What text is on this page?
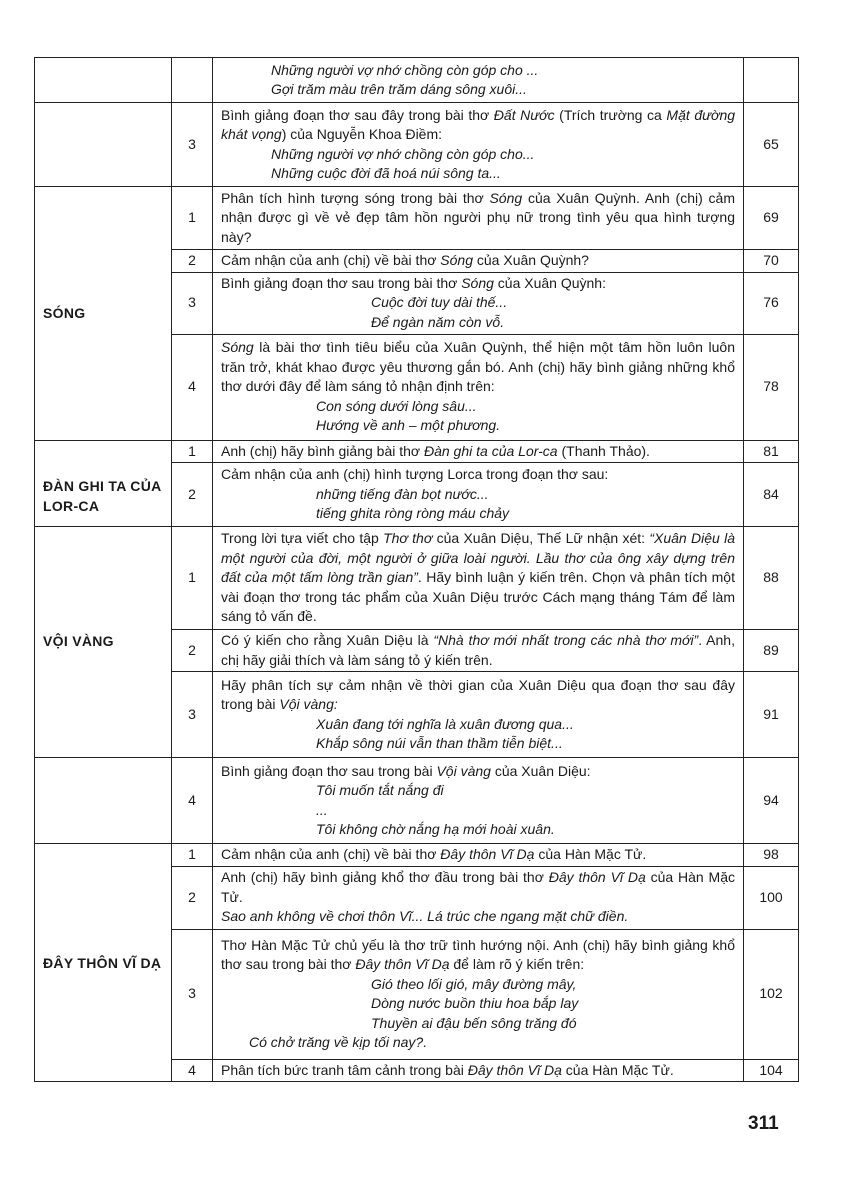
		Những người vợ nhớ chồng còn góp cho ...
Gợi trăm màu trên trăm dáng sông xuôi...	

	3	Bình giảng đoạn thơ sau đây trong bài thơ Đất Nước (Trích trường ca Mặt đường khát vọng) của Nguyễn Khoa Điềm:
Những người vợ nhớ chồng còn góp cho...
Những cuộc đời đã hoá núi sông ta...	65
SÓNG	1	Phân tích hình tượng sóng trong bài thơ Sóng của Xuân Quỳnh. Anh (chị) cảm nhận được gì về vẻ đẹp tâm hồn người phụ nữ trong tình yêu qua hình tượng này?	69
	2	Cảm nhận của anh (chị) về bài thơ Sóng của Xuân Quỳnh?	70
	3	Bình giảng đoạn thơ sau trong bài thơ Sóng của Xuân Quỳnh:
Cuộc đời tuy dài thế...
Để ngàn năm còn vỗ.	76
	4	Sóng là bài thơ tình tiêu biểu của Xuân Quỳnh, thể hiện một tâm hồn luôn luôn trăn trở, khát khao được yêu thương gắn bó. Anh (chị) hãy bình giảng những khổ thơ dưới đây để làm sáng tỏ nhận định trên:
Con sóng dưới lòng sâu...
Hướng về anh – một phương.	78
ĐÀN GHI TA CỦA LOR-CA	1	Anh (chị) hãy bình giảng bài thơ Đàn ghi ta của Lor-ca (Thanh Thảo).	81
	2	Cảm nhận của anh (chị) hình tượng Lorca trong đoạn thơ sau:
những tiếng đàn bọt nước...
tiếng ghita ròng ròng máu chảy	84
VỘI VÀNG	1	Trong lời tựa viết cho tập Thơ thơ của Xuân Diệu, Thế Lữ nhận xét: “Xuân Diệu là một người của đời, một người ở giữa loài người. Lầu thơ của ông xây dựng trên đất của một tấm lòng trần gian”. Hãy bình luận ý kiến trên. Chọn và phân tích một vài đoạn thơ trong tác phẩm của Xuân Diệu trước Cách mạng tháng Tám để làm sáng tỏ vấn đề.	88
	2	Có ý kiến cho rằng Xuân Diệu là “Nhà thơ mới nhất trong các nhà thơ mới”. Anh, chị hãy giải thích và làm sáng tỏ ý kiến trên.	89
	3	Hãy phân tích sự cảm nhận về thời gian của Xuân Diệu qua đoạn thơ sau đây trong bài Vội vàng:
Xuân đang tới nghĩa là xuân đương qua...
Khắp sông núi vẫn than thầm tiễn biệt...	91
	4	Bình giảng đoạn thơ sau trong bài Vội vàng của Xuân Diệu:
Tôi muốn tắt nắng đi
...
Tôi không chờ nắng hạ mới hoài xuân.	94
ĐÂY THÔN VĨ DẠ	1	Cảm nhận của anh (chị) về bài thơ Đây thôn Vĩ Dạ của Hàn Mặc Tử.	98
	2	Anh (chị) hãy bình giảng khổ thơ đầu trong bài thơ Đây thôn Vĩ Dạ của Hàn Mặc Tử.
Sao anh không về chơi thôn Vĩ... Lá trúc che ngang mặt chữ điền.	100
	3	Thơ Hàn Mặc Tử chủ yếu là thơ trữ tình hướng nội. Anh (chị) hãy bình giảng khổ thơ sau trong bài thơ Đây thôn Vĩ Dạ để làm rõ ý kiến trên:
Gió theo lối gió, mây đường mây,
Dòng nước buồn thiu hoa bắp lay
Thuyền ai đậu bến sông trăng đó
Có chở trăng về kịp tối nay?.	102
	4	Phân tích bức tranh tâm cảnh trong bài Đây thôn Vĩ Dạ của Hàn Mặc Tử.	104
311
